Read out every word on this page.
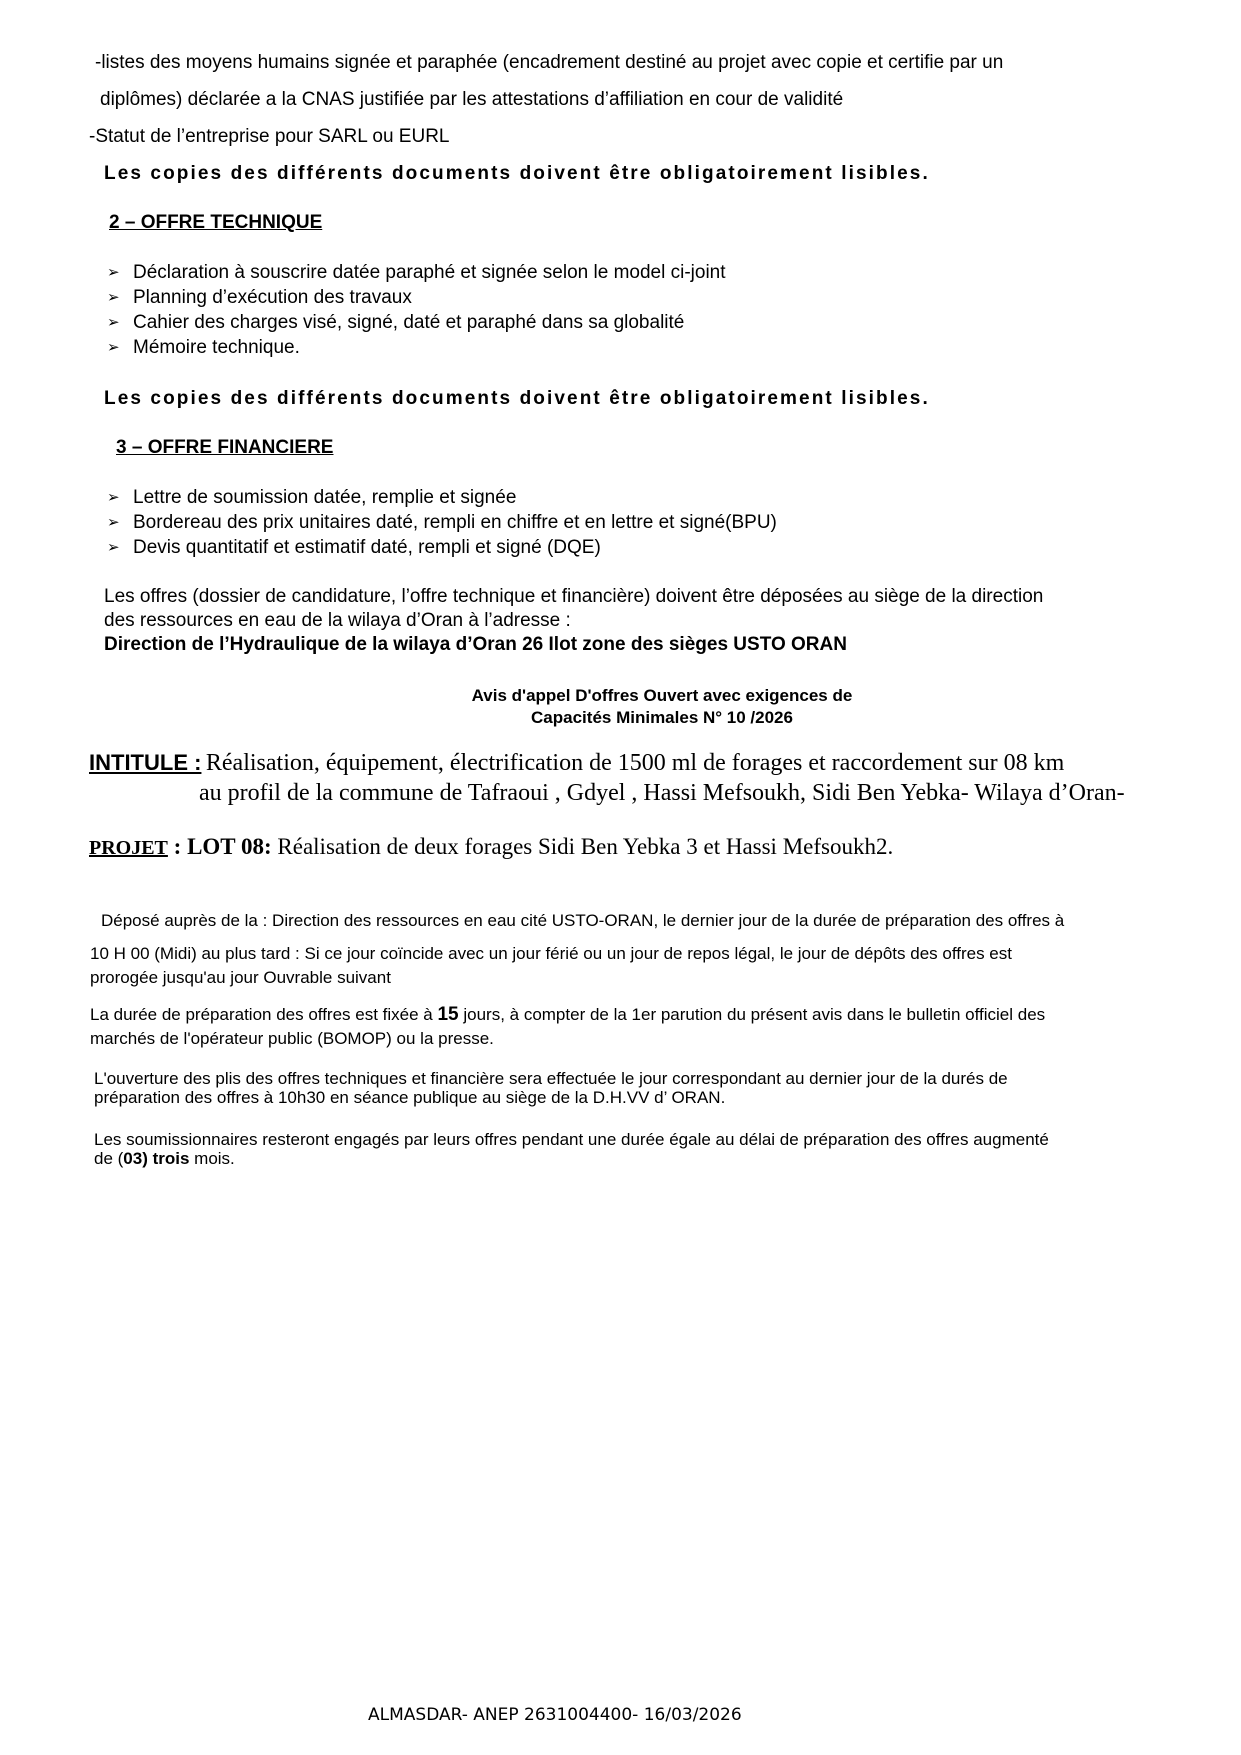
-listes des moyens humains signée et paraphée (encadrement destiné au projet avec copie et certifie par un
diplômes) déclarée a la CNAS justifiée par les attestations d’affiliation en cour de validité
-Statut de l’entreprise pour SARL ou EURL
Les copies des différents documents doivent être obligatoirement lisibles.
2 – OFFRE TECHNIQUE
➢ Déclaration à souscrire datée paraphé et signée selon le model ci-joint
➢ Planning d’exécution des travaux
➢ Cahier des charges visé, signé, daté et paraphé dans sa globalité
➢ Mémoire technique.
Les copies des différents documents doivent être obligatoirement lisibles.
3 – OFFRE FINANCIERE
➢ Lettre de soumission datée, remplie et signée
➢ Bordereau des prix unitaires daté, rempli en chiffre et en lettre et signé(BPU)
➢ Devis quantitatif et estimatif daté, rempli et signé (DQE)
Les offres (dossier de candidature, l’offre technique et financière) doivent être déposées au siège de la direction
des ressources en eau de la wilaya d’Oran à l’adresse :
Direction de l’Hydraulique de la wilaya d’Oran 26 Ilot zone des sièges USTO ORAN
Avis d'appel D'offres Ouvert avec exigences de
Capacités Minimales N° 10 /2026
INTITULE : Réalisation, équipement, électrification de 1500 ml de forages et raccordement sur 08 km
au profil de la commune de Tafraoui , Gdyel , Hassi Mefsoukh, Sidi Ben Yebka- Wilaya d’Oran-
PROJET : LOT 08: Réalisation de deux forages Sidi Ben Yebka 3 et Hassi Mefsoukh2.
Déposé auprès de la : Direction des ressources en eau cité USTO-ORAN, le dernier jour de la durée de préparation des offres à
10 H 00 (Midi) au plus tard : Si ce jour coïncide avec un jour férié ou un jour de repos légal, le jour de dépôts des offres est
prorogée jusqu'au jour Ouvrable suivant
La durée de préparation des offres est fixée à 15 jours, à compter de la 1er parution du présent avis dans le bulletin officiel des
marchés de l'opérateur public (BOMOP) ou la presse.
L'ouverture des plis des offres techniques et financière sera effectuée le jour correspondant au dernier jour de la durés de
préparation des offres à 10h30 en séance publique au siège de la D.H.VV d’ ORAN.
Les soumissionnaires resteront engagés par leurs offres pendant une durée égale au délai de préparation des offres augmenté
de (03) trois mois.
ALMASDAR- ANEP 2631004400- 16/03/2026
